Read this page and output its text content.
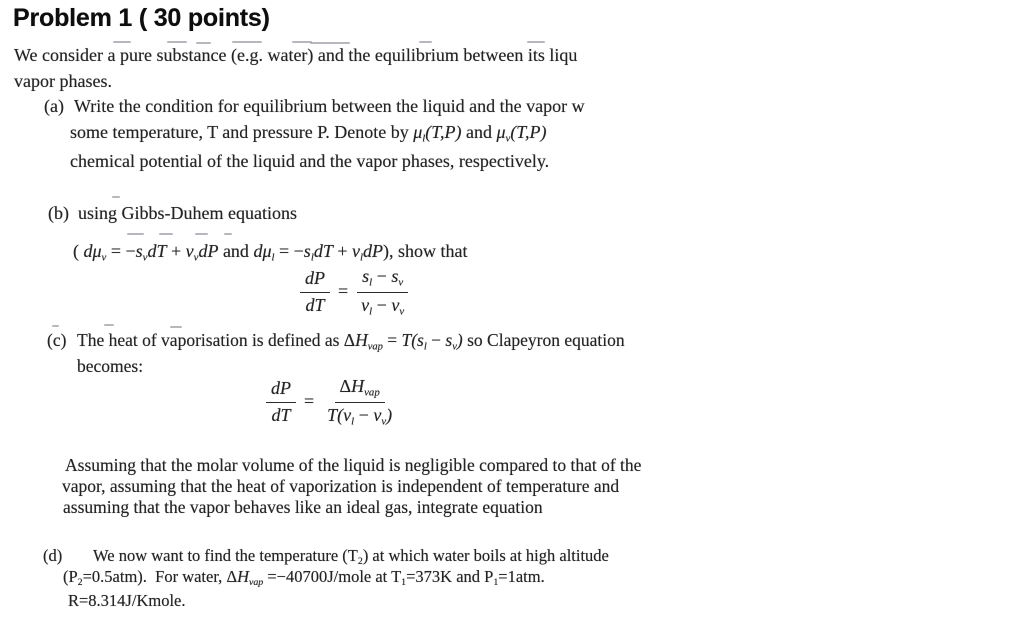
Problem 1 ( 30 points)
We consider a pure substance (e.g. water) and the equilibrium between its liqu
vapor phases.
(a) Write the condition for equilibrium between the liquid and the vapor w
some temperature, T and pressure P. Denote by μl(T,P) and μv(T,P)
chemical potential of the liquid and the vapor phases, respectively.
(b) using Gibbs-Duhem equations
( dμv = −svdT + vvdP and dμl = −sldT + vldP), show that
$\frac{dP}{dT} = \frac{sl - sv}{vl - vv}$
(c) The heat of vaporisation is defined as ΔHvap = T(sl − sv) so Clapeyron equation
becomes:
$\frac{dP}{dT} = \frac{\text{ΔHvap}}{T(vl - vv)}$
Assuming that the molar volume of the liquid is negligible compared to that of the
vapor, assuming that the heat of vaporization is independent of temperature and
assuming that the vapor behaves like an ideal gas, integrate equation
(d) We now want to find the temperature (T2) at which water boils at high altitude
(P2=0.5atm).  For water, ΔHvap =−40700J/mole at T1=373K and P1=1atm.
R=8.314J/Kmole.
